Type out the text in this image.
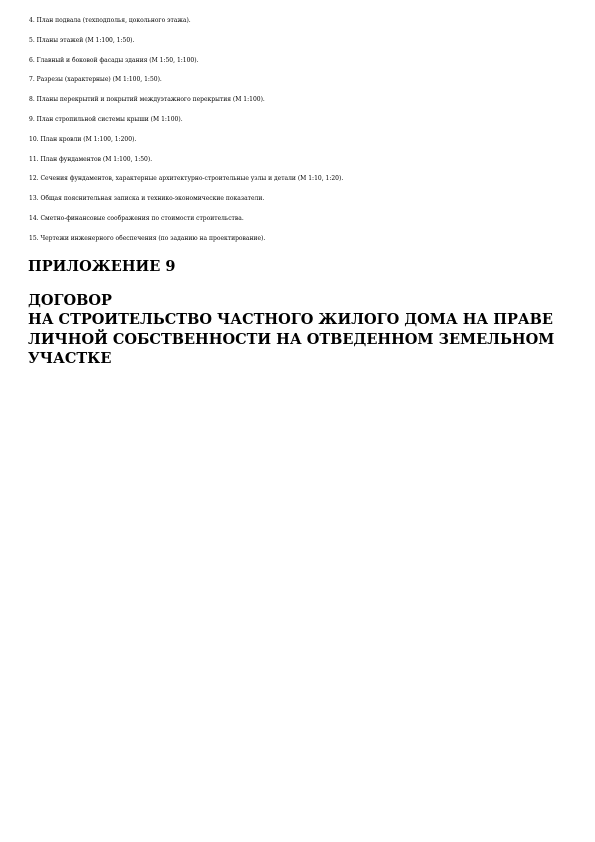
4. План подвала (техподполья, цокольного этажа).
5. Планы этажей (М 1:100, 1:50).
6. Главный и боковой фасады здания (М 1:50, 1:100).
7. Разрезы (характерные) (М 1:100, 1:50).
8. Планы перекрытий и покрытий междуэтажного перекрытия (М 1:100).
9. План стропильной системы крыши (М 1:100).
10. План кровли (М 1:100, 1:200).
11. План фундаментов (М 1:100, 1:50).
12. Сечения фундаментов, характерные архитектурно-строительные узлы и детали (М 1:10, 1:20).
13. Общая пояснительная записка и технико-экономические показатели.
14. Сметно-финансовые соображения по стоимости строительства.
15. Чертежи инженерного обеспечения (по заданию на проектирование).
ПРИЛОЖЕНИЕ 9
ДОГОВОР
НА СТРОИТЕЛЬСТВО ЧАСТНОГО ЖИЛОГО ДОМА НА ПРАВЕ
ЛИЧНОЙ СОБСТВЕННОСТИ НА ОТВЕДЕННОМ ЗЕМЕЛЬНОМ
УЧАСТКЕ
